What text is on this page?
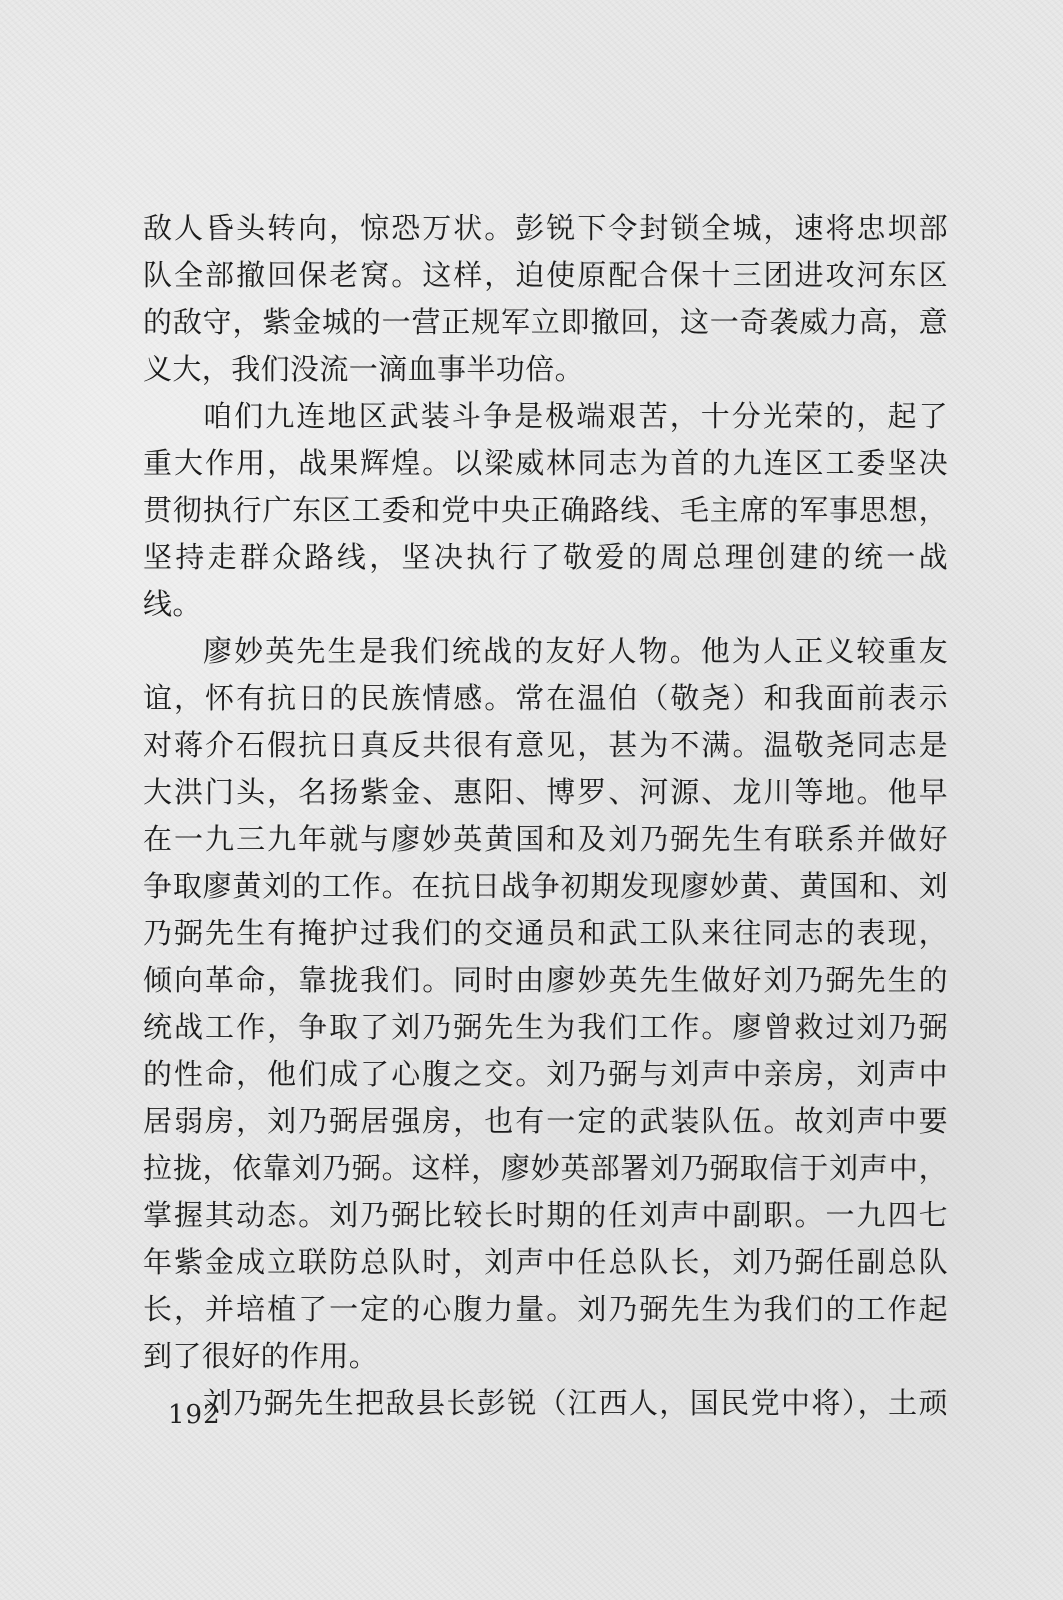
敌人昏头转向，惊恐万状。彭锐下令封锁全城，速将忠坝部
队全部撤回保老窝。这样，迫使原配合保十三团进攻河东区
的敌守，紫金城的一营正规军立即撤回，这一奇袭威力高，意
义大，我们没流一滴血事半功倍。
咱们九连地区武装斗争是极端艰苦，十分光荣的，起了
重大作用，战果辉煌。以梁威林同志为首的九连区工委坚决
贯彻执行广东区工委和党中央正确路线、毛主席的军事思想，
坚持走群众路线，坚决执行了敬爱的周总理创建的统一战
线。
廖妙英先生是我们统战的友好人物。他为人正义较重友
谊，怀有抗日的民族情感。常在温伯（敬尧）和我面前表示
对蒋介石假抗日真反共很有意见，甚为不满。温敬尧同志是
大洪门头，名扬紫金、惠阳、博罗、河源、龙川等地。他早
在一九三九年就与廖妙英黄国和及刘乃弼先生有联系并做好
争取廖黄刘的工作。在抗日战争初期发现廖妙黄、黄国和、刘
乃弼先生有掩护过我们的交通员和武工队来往同志的表现，
倾向革命，靠拢我们。同时由廖妙英先生做好刘乃弼先生的
统战工作，争取了刘乃弼先生为我们工作。廖曾救过刘乃弼
的性命，他们成了心腹之交。刘乃弼与刘声中亲房，刘声中
居弱房，刘乃弼居强房，也有一定的武装队伍。故刘声中要
拉拢，依靠刘乃弼。这样，廖妙英部署刘乃弼取信于刘声中，
掌握其动态。刘乃弼比较长时期的任刘声中副职。一九四七
年紫金成立联防总队时，刘声中任总队长，刘乃弼任副总队
长，并培植了一定的心腹力量。刘乃弼先生为我们的工作起
到了很好的作用。
刘乃弼先生把敌县长彭锐（江西人，国民党中将），土顽
192
